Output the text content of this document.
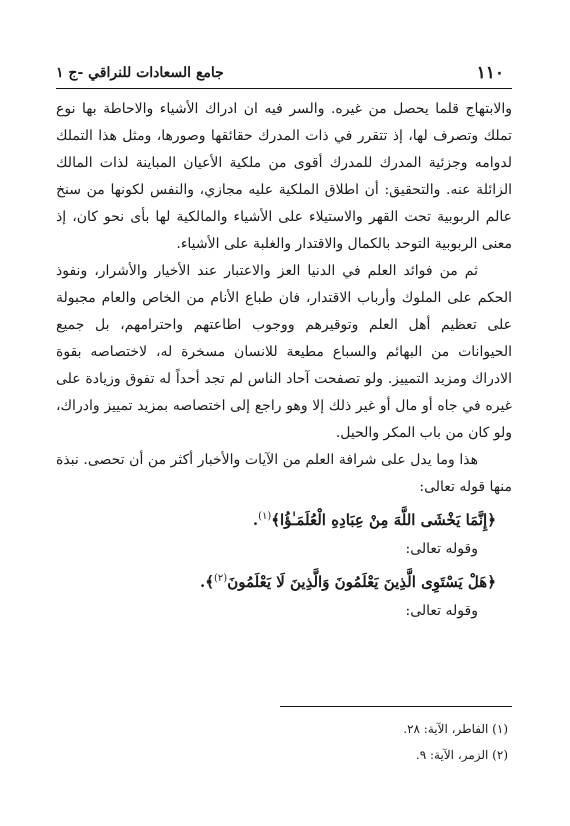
١١٠
جامع السعادات للنراقي -ج ١

والابتهاج قلما يحصل من غيره. والسر فيه ان ادراك الأشياء والاحاطة بها نوع تملك وتصرف لها، إذ تتقرر في ذات المدرك حقائقها وصورها، ومثل هذا التملك لدوامه وجزئية المدرك للمدرك أقوى من ملكية الأعيان المباينة لذات المالك الزائلة عنه. والتحقيق: أن اطلاق الملكية عليه مجازي، والنفس لكونها من سنخ عالم الربوبية تحت القهر والاستيلاء على الأشياء والمالكية لها بأى نحو كان، إذ معنى الربوبية التوحد بالكمال والاقتدار والغلبة على الأشياء.

ثم من فوائد العلم في الدنيا العز والاعتبار عند الأخيار والأشرار، ونفوذ الحكم على الملوك وأرباب الاقتدار، فان طباع الأنام من الخاص والعام مجبولة على تعظيم أهل العلم وتوقيرهم ووجوب اطاعتهم واحترامهم، بل جميع الحيوانات من البهائم والسباع مطيعة للانسان مسخرة له، لاختصاصه بقوة الادراك ومزيد التمييز. ولو تصفحت آحاد الناس لم تجد أحداً له تفوق وزيادة على غيره في جاه أو مال أو غير ذلك إلا وهو راجع إلى اختصاصه بمزيد تمييز وادراك، ولو كان من باب المكر والحيل.

هذا وما يدل على شرافة العلم من الآيات والأخبار أكثر من أن تحصى. نبذة منها قوله تعالى:

﴿إِنَّمَا يَخْشَى اللَّهَ مِنْ عِبَادِهِ الْعُلَمَـٰؤُا﴾$^{(١)}$.

وقوله تعالى:

﴿هَلْ يَسْتَوِى الَّذِينَ يَعْلَمُونَ وَالَّذِينَ لَا يَعْلَمُونَ$^{(٢)}$﴾.

وقوله تعالى:

(١) الفاطر، الآية: ٢٨.

(٢) الزمر، الآية: ٩.
